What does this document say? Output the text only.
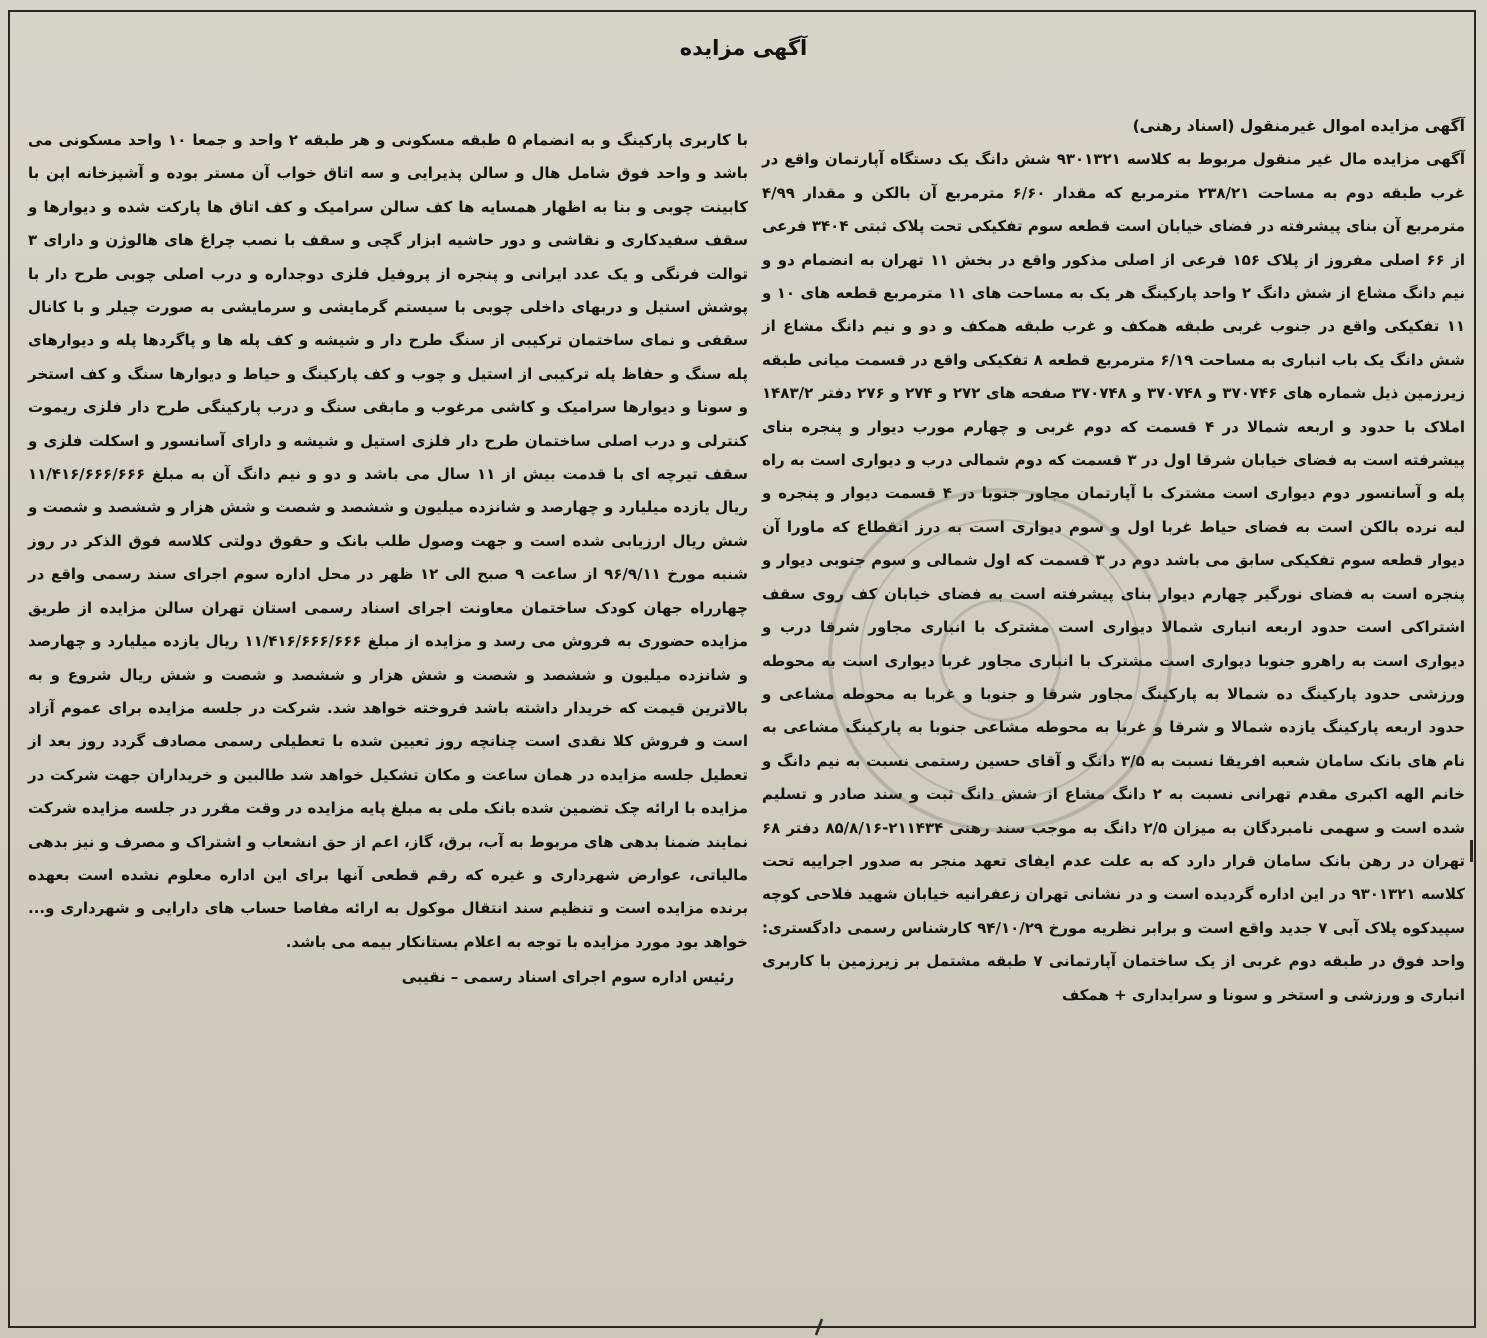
آگهی مزایده

آگهی مزایده اموال غیرمنقول (اسناد رهنی)

آگهی مزایده مال غیر منقول مربوط به کلاسه ۹۳۰۱۳۲۱ شش دانگ یک دستگاه آپارتمان واقع در غرب طبقه دوم به مساحت ۲۳۸/۲۱ مترمربع که مقدار ۶/۶۰ مترمربع آن بالکن و مقدار ۴/۹۹ مترمربع آن بنای پیشرفته در فضای خیابان است قطعه سوم تفکیکی تحت پلاک ثبتی ۳۴۰۴ فرعی از ۶۶ اصلی مفروز از پلاک ۱۵۶ فرعی از اصلی مذکور واقع در بخش ۱۱ تهران به انضمام دو و نیم دانگ مشاع از شش دانگ ۲ واحد پارکینگ هر یک به مساحت های ۱۱ مترمربع قطعه های ۱۰ و ۱۱ تفکیکی واقع در جنوب غربی طبقه همکف و غرب طبقه همکف و دو و نیم دانگ مشاع از شش دانگ یک باب انباری به مساحت ۶/۱۹ مترمربع قطعه ۸ تفکیکی واقع در قسمت میانی طبقه زیرزمین ذیل شماره های ۳۷۰۷۴۶ و ۳۷۰۷۴۸ و ۳۷۰۷۴۸ صفحه های ۲۷۲ و ۲۷۴ و ۲۷۶ دفتر ۱۴۸۳/۲ املاک با حدود و اربعه شمالا در ۴ قسمت که دوم غربی و چهارم مورب دیوار و پنجره بنای پیشرفته است به فضای خیابان شرقا اول در ۳ قسمت که دوم شمالی درب و دیواری است به راه پله و آسانسور دوم دیواری است مشترک با آپارتمان مجاور جنوبا در ۴ قسمت دیوار و پنجره و لبه نرده بالکن است به فضای حیاط غربا اول و سوم دیواری است به درز انقطاع که ماورا آن دیوار قطعه سوم تفکیکی سابق می باشد دوم در ۳ قسمت که اول شمالی و سوم جنوبی دیوار و پنجره است به فضای نورگیر چهارم دیوار بنای پیشرفته است به فضای خیابان کف روی سقف اشتراکی است حدود اربعه انباری شمالا دیواری است مشترک با انباری مجاور شرقا درب و دیواری است به راهرو جنوبا دیواری است مشترک با انباری مجاور غربا دیواری است به محوطه ورزشی حدود پارکینگ ده شمالا به پارکینگ مجاور شرقا و جنوبا و غربا به محوطه مشاعی و حدود اربعه پارکینگ یازده شمالا و شرقا و غربا به محوطه مشاعی جنوبا به پارکینگ مشاعی به نام های بانک سامان شعبه افریقا نسبت به ۳/۵ دانگ و آقای حسین رستمی نسبت به نیم دانگ و خانم الهه اکبری مقدم تهرانی نسبت به ۲ دانگ مشاع از شش دانگ ثبت و سند صادر و تسلیم شده است و سهمی نامبردگان به میزان ۲/۵ دانگ به موجب سند رهنی ۲۱۱۴۳۴-۸۵/۸/۱۶ دفتر ۶۸ تهران در رهن بانک سامان قرار دارد که به علت عدم ایفای تعهد منجر به صدور اجراییه تحت کلاسه ۹۳۰۱۳۲۱ در این اداره گردیده است و در نشانی تهران زعفرانیه خیابان شهید فلاحی کوچه سپیدکوه پلاک آبی ۷ جدید واقع است و برابر نظریه مورخ ۹۴/۱۰/۲۹ کارشناس رسمی دادگستری: واحد فوق در طبقه دوم غربی از یک ساختمان آپارتمانی ۷ طبقه مشتمل بر زیرزمین با کاربری انباری و ورزشی و استخر و سونا و سرایداری + همکف

با کاربری پارکینگ و به انضمام ۵ طبقه مسکونی و هر طبقه ۲ واحد و جمعا ۱۰ واحد مسکونی می باشد و واحد فوق شامل هال و سالن پذیرایی و سه اتاق خواب آن مستر بوده و آشپزخانه اپن با کابینت چوبی و بنا به اظهار همسایه ها کف سالن سرامیک و کف اتاق ها پارکت شده و دیوارها و سقف سفیدکاری و نقاشی و دور حاشیه ابزار گچی و سقف با نصب چراغ های هالوژن و دارای ۳ توالت فرنگی و یک عدد ایرانی و پنجره از پروفیل فلزی دوجداره و درب اصلی چوبی طرح دار با پوشش استیل و دربهای داخلی چوبی با سیستم گرمایشی و سرمایشی به صورت چیلر و با کانال سقفی و نمای ساختمان ترکیبی از سنگ طرح دار و شیشه و کف پله ها و پاگردها پله و دیوارهای پله سنگ و حفاظ پله ترکیبی از استیل و چوب و کف پارکینگ و حیاط و دیوارها سنگ و کف استخر و سونا و دیوارها سرامیک و کاشی مرغوب و مابقی سنگ و درب پارکینگی طرح دار فلزی ریموت کنترلی و درب اصلی ساختمان طرح دار فلزی استیل و شیشه و دارای آسانسور و اسکلت فلزی و سقف تیرچه ای با قدمت بیش از ۱۱ سال می باشد و دو و نیم دانگ آن به مبلغ ۱۱/۴۱۶/۶۶۶/۶۶۶ ریال یازده میلیارد و چهارصد و شانزده میلیون و ششصد و شصت و شش هزار و ششصد و شصت و شش ریال ارزیابی شده است و جهت وصول طلب بانک و حقوق دولتی کلاسه فوق الذکر در روز شنبه مورخ ۹۶/۹/۱۱ از ساعت ۹ صبح الی ۱۲ ظهر در محل اداره سوم اجرای سند رسمی واقع در چهارراه جهان کودک ساختمان معاونت اجرای اسناد رسمی استان تهران سالن مزایده از طریق مزایده حضوری به فروش می رسد و مزایده از مبلغ ۱۱/۴۱۶/۶۶۶/۶۶۶ ریال یازده میلیارد و چهارصد و شانزده میلیون و ششصد و شصت و شش هزار و ششصد و شصت و شش ریال شروع و به بالاترین قیمت که خریدار داشته باشد فروخته خواهد شد. شرکت در جلسه مزایده برای عموم آزاد است و فروش کلا نقدی است چنانچه روز تعیین شده با تعطیلی رسمی مصادف گردد روز بعد از تعطیل جلسه مزایده در همان ساعت و مکان تشکیل خواهد شد طالبین و خریداران جهت شرکت در مزایده با ارائه چک تضمین شده بانک ملی به مبلغ پایه مزایده در وقت مقرر در جلسه مزایده شرکت نمایند ضمنا بدهی های مربوط به آب، برق، گاز، اعم از حق انشعاب و اشتراک و مصرف و نیز بدهی مالیاتی، عوارض شهرداری و غیره که رقم قطعی آنها برای این اداره معلوم نشده است بعهده برنده مزایده است و تنظیم سند انتقال موکول به ارائه مفاصا حساب های دارایی و شهرداری و... خواهد بود مورد مزایده با توجه به اعلام بستانکار بیمه می باشد.

رئیس اداره سوم اجرای اسناد رسمی – نقیبی
